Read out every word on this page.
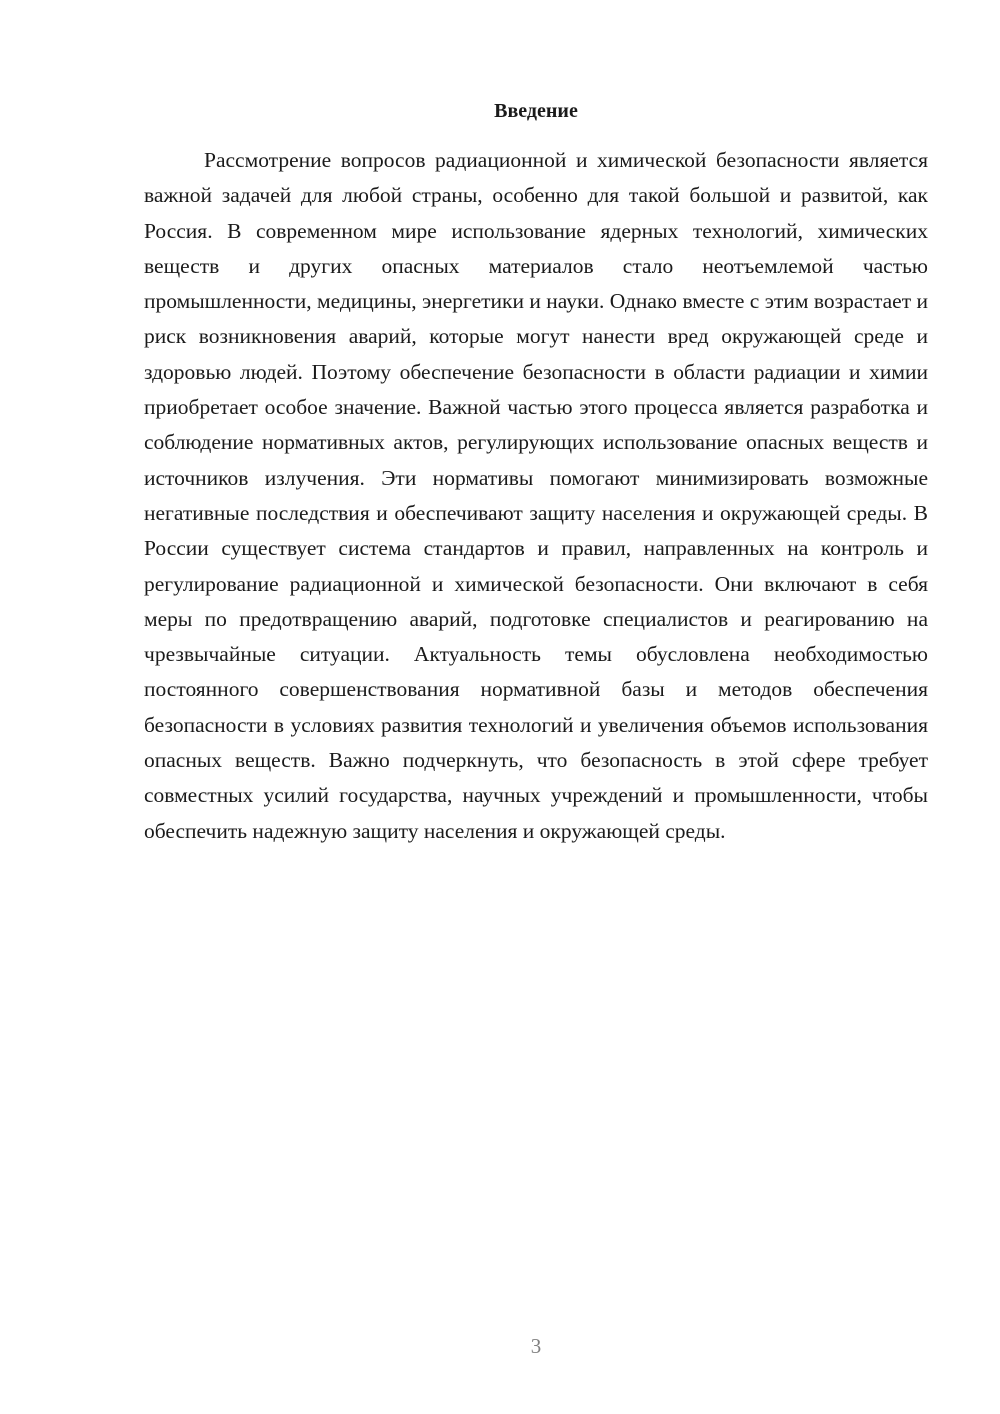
Введение

Рассмотрение вопросов радиационной и химической безопасности является важной задачей для любой страны, особенно для такой большой и развитой, как Россия. В современном мире использование ядерных технологий, химических веществ и других опасных материалов стало неотъемлемой частью промышленности, медицины, энергетики и науки. Однако вместе с этим возрастает и риск возникновения аварий, которые могут нанести вред окружающей среде и здоровью людей. Поэтому обеспечение безопасности в области радиации и химии приобретает особое значение. Важной частью этого процесса является разработка и соблюдение нормативных актов, регулирующих использование опасных веществ и источников излучения. Эти нормативы помогают минимизировать возможные негативные последствия и обеспечивают защиту населения и окружающей среды. В России существует система стандартов и правил, направленных на контроль и регулирование радиационной и химической безопасности. Они включают в себя меры по предотвращению аварий, подготовке специалистов и реагированию на чрезвычайные ситуации. Актуальность темы обусловлена необходимостью постоянного совершенствования нормативной базы и методов обеспечения безопасности в условиях развития технологий и увеличения объемов использования опасных веществ. Важно подчеркнуть, что безопасность в этой сфере требует совместных усилий государства, научных учреждений и промышленности, чтобы обеспечить надежную защиту населения и окружающей среды.

3
